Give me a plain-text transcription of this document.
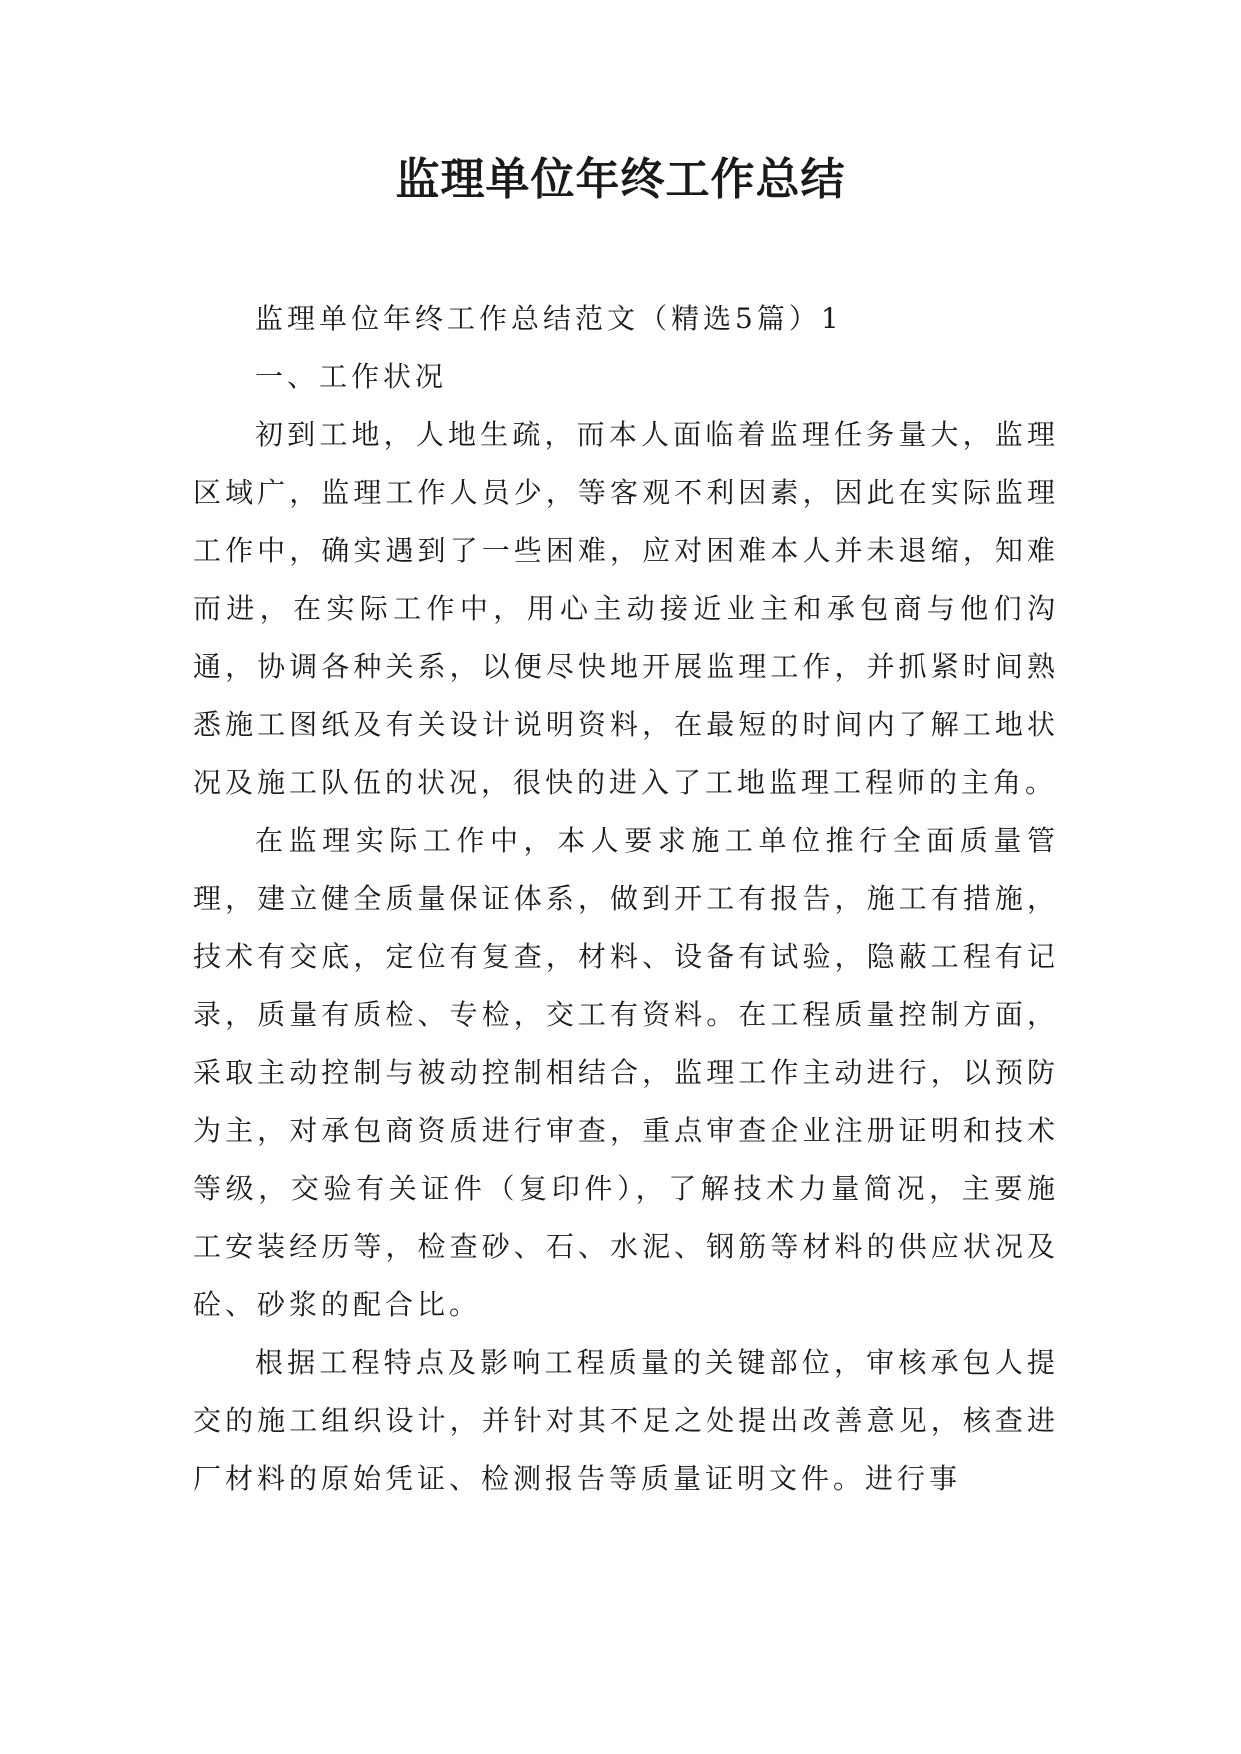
监理单位年终工作总结

监理单位年终工作总结范文（精选5篇）1

一、工作状况

初到工地，人地生疏，而本人面临着监理任务量大，监理区域广，监理工作人员少，等客观不利因素，因此在实际监理工作中，确实遇到了一些困难，应对困难本人并未退缩，知难而进，在实际工作中，用心主动接近业主和承包商与他们沟通，协调各种关系，以便尽快地开展监理工作，并抓紧时间熟悉施工图纸及有关设计说明资料，在最短的时间内了解工地状况及施工队伍的状况，很快的进入了工地监理工程师的主角。

在监理实际工作中，本人要求施工单位推行全面质量管理，建立健全质量保证体系，做到开工有报告，施工有措施，技术有交底，定位有复查，材料、设备有试验，隐蔽工程有记录，质量有质检、专检，交工有资料。在工程质量控制方面，采取主动控制与被动控制相结合，监理工作主动进行，以预防为主，对承包商资质进行审查，重点审查企业注册证明和技术等级，交验有关证件（复印件），了解技术力量简况，主要施工安装经历等，检查砂、石、水泥、钢筋等材料的供应状况及砼、砂浆的配合比。

根据工程特点及影响工程质量的关键部位，审核承包人提交的施工组织设计，并针对其不足之处提出改善意见，核查进厂材料的原始凭证、检测报告等质量证明文件。进行事
